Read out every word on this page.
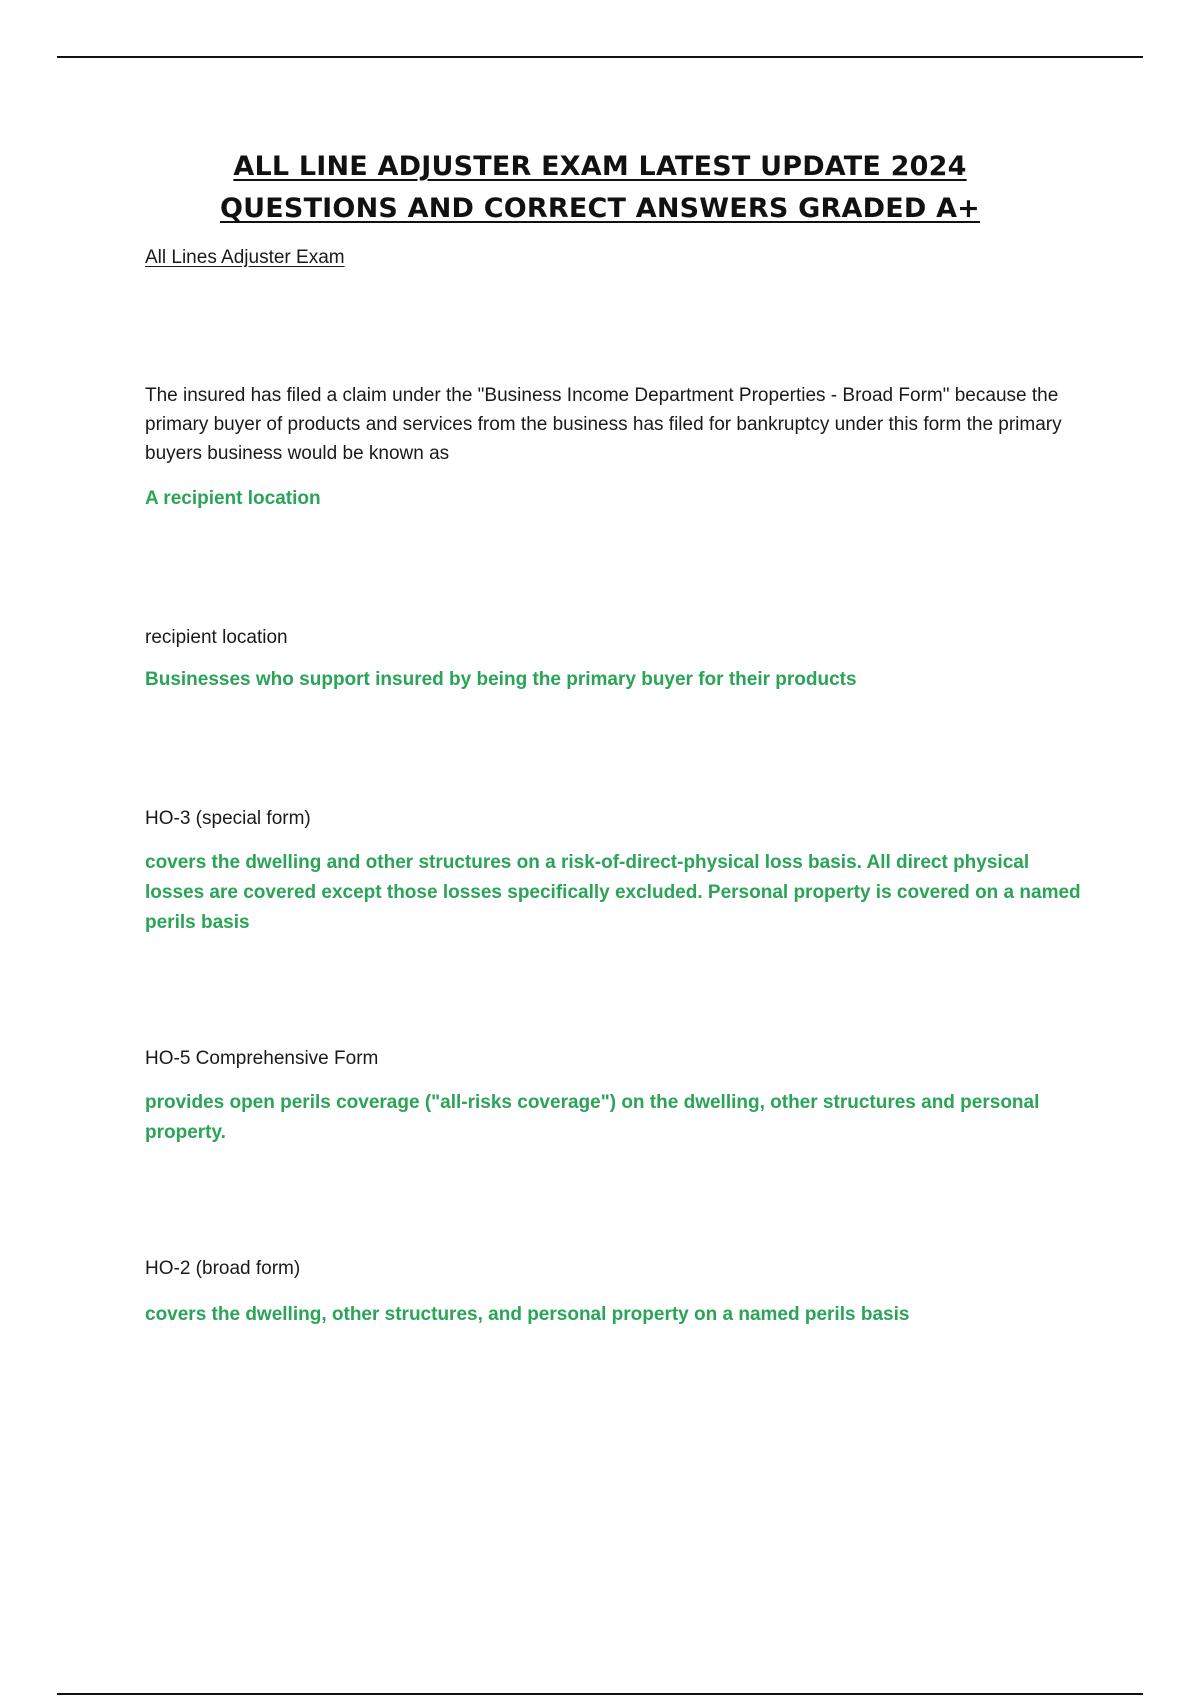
ALL LINE ADJUSTER EXAM LATEST UPDATE 2024
QUESTIONS AND CORRECT ANSWERS GRADED A+
All Lines Adjuster Exam
The insured has filed a claim under the "Business Income Department Properties - Broad Form" because the primary buyer of products and services from the business has filed for bankruptcy under this form the primary buyers business would be known as
A recipient location
recipient location
Businesses who support insured by being the primary buyer for their products
HO-3 (special form)
covers the dwelling and other structures on a risk-of-direct-physical loss basis. All direct physical losses are covered except those losses specifically excluded. Personal property is covered on a named perils basis
HO-5 Comprehensive Form
provides open perils coverage ("all-risks coverage") on the dwelling, other structures and personal property.
HO-2 (broad form)
covers the dwelling, other structures, and personal property on a named perils basis
